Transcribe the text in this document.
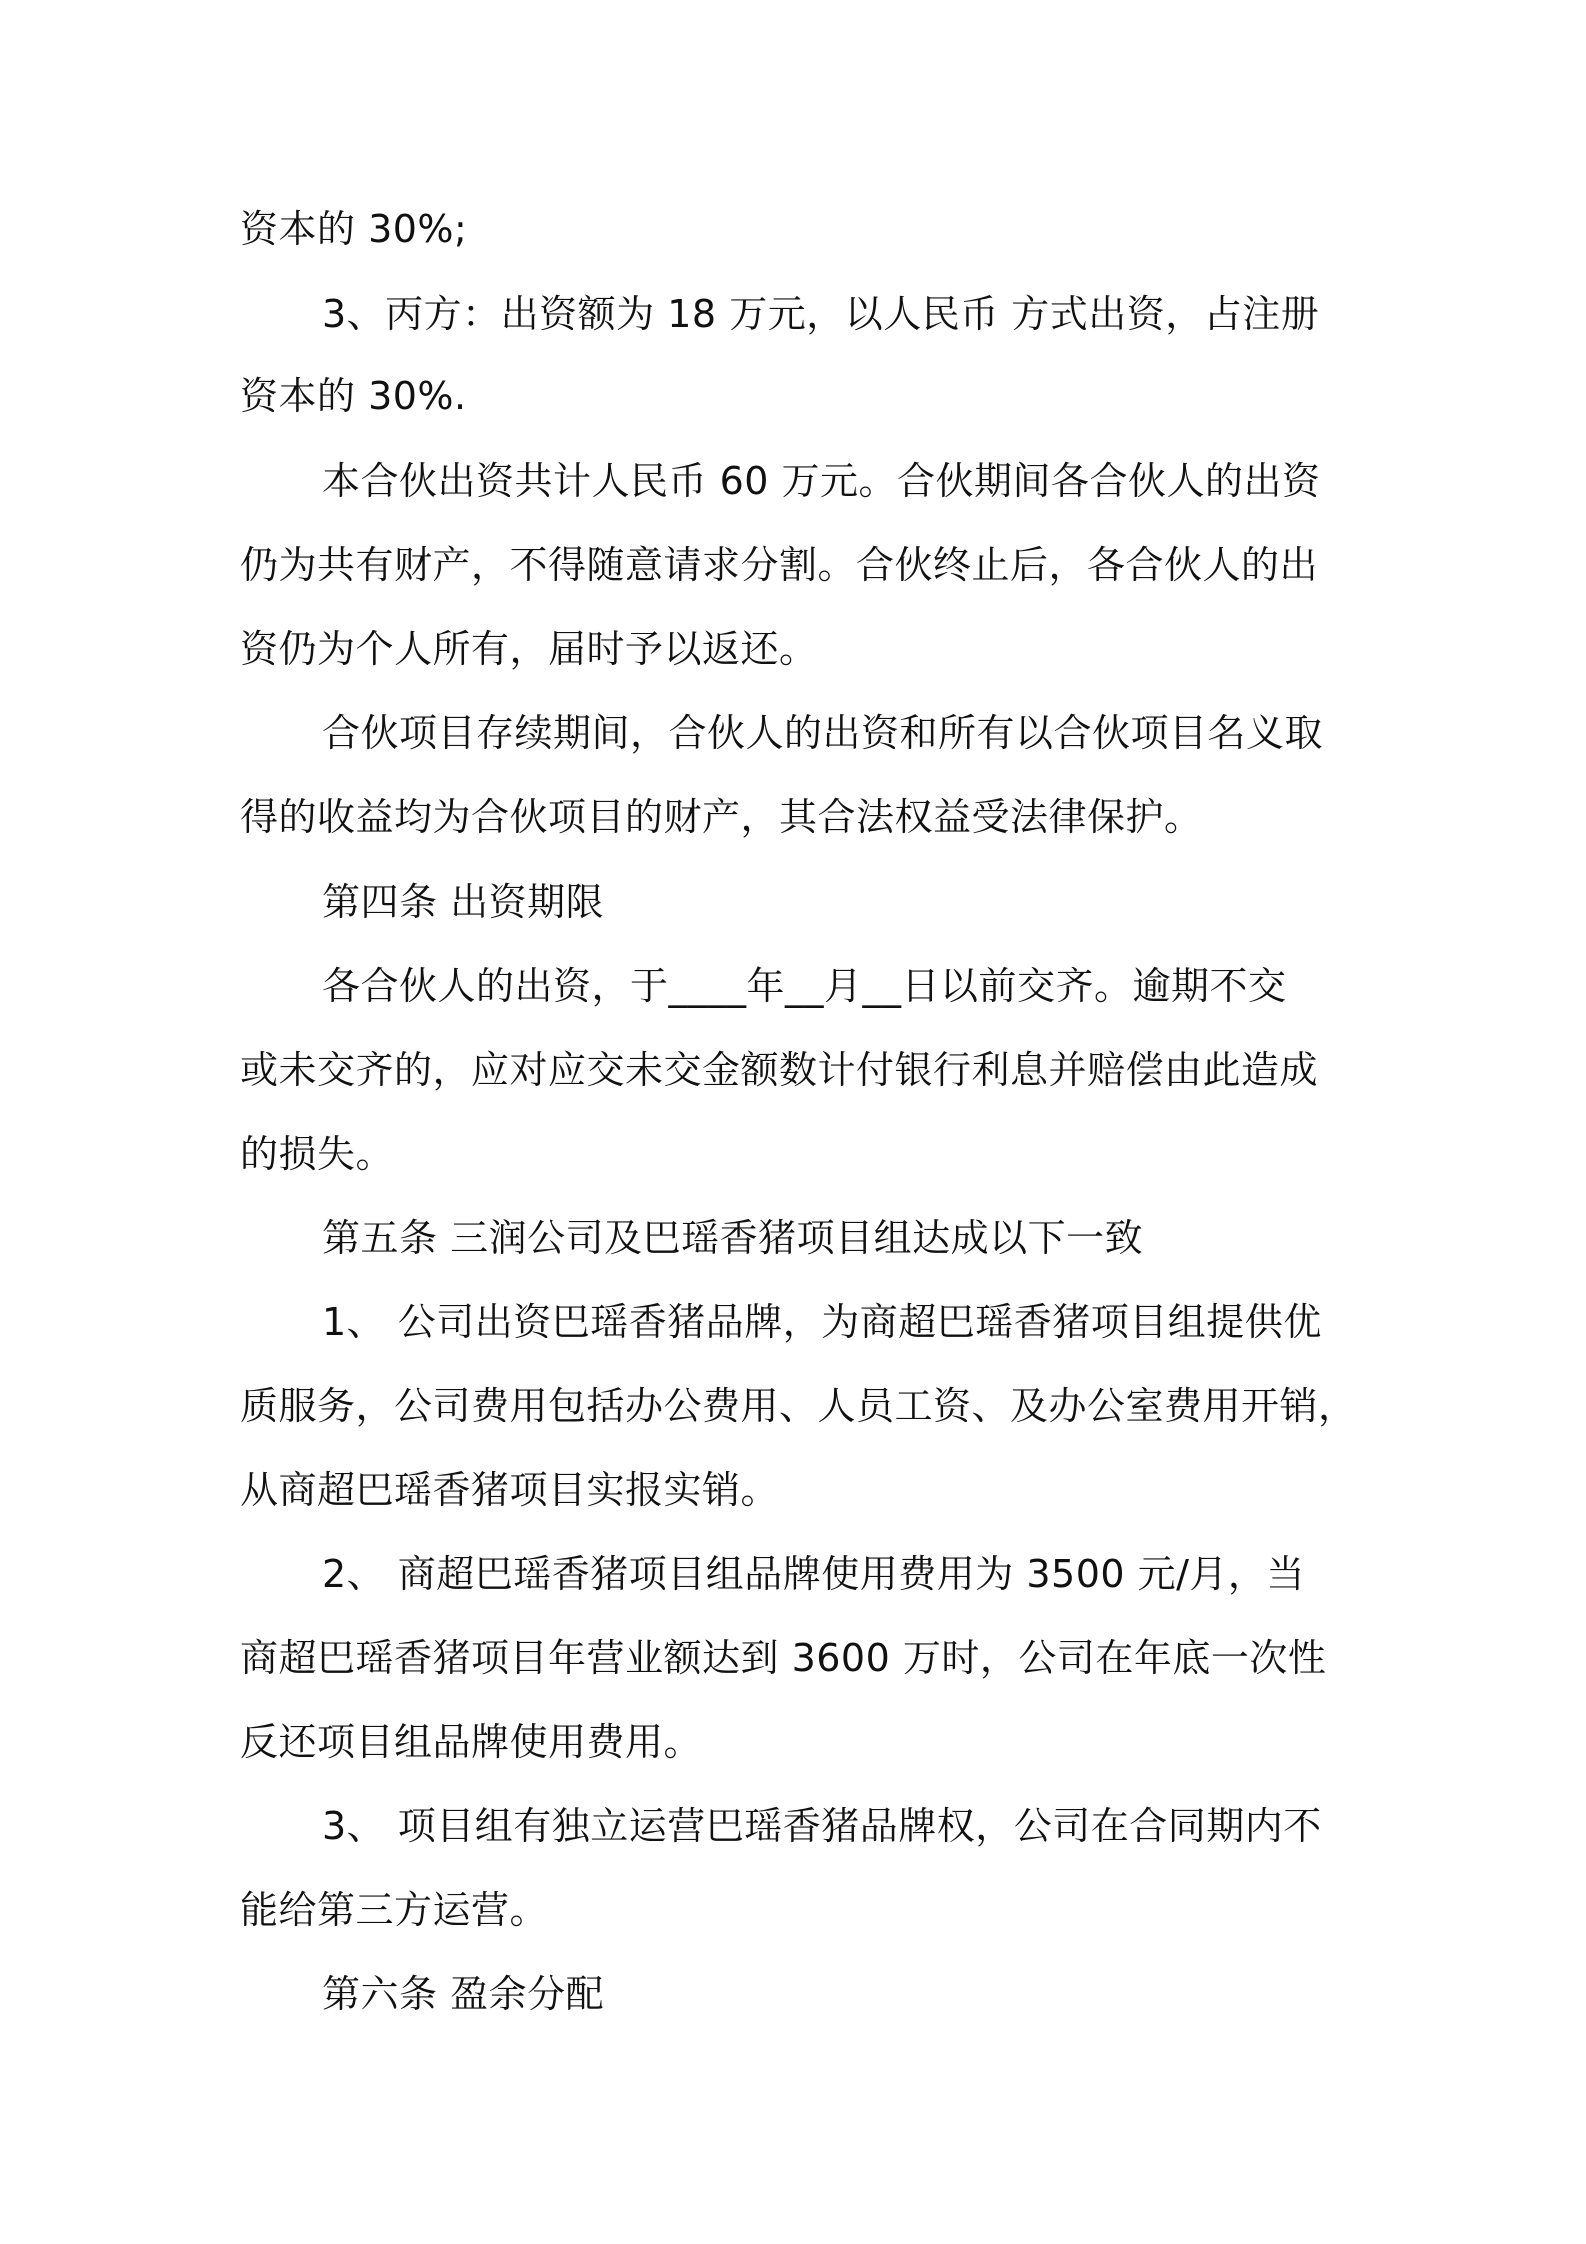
资本的 30%;
3、丙方：出资额为 18 万元，以人民币 方式出资，占注册
资本的 30%.
本合伙出资共计人民币 60 万元。合伙期间各合伙人的出资
仍为共有财产，不得随意请求分割。合伙终止后，各合伙人的出
资仍为个人所有，届时予以返还。
合伙项目存续期间，合伙人的出资和所有以合伙项目名义取
得的收益均为合伙项目的财产，其合法权益受法律保护。
第四条 出资期限
各合伙人的出资，于____年__月__日以前交齐。逾期不交
或未交齐的，应对应交未交金额数计付银行利息并赔偿由此造成
的损失。
第五条 三润公司及巴瑶香猪项目组达成以下一致
1、 公司出资巴瑶香猪品牌，为商超巴瑶香猪项目组提供优
质服务，公司费用包括办公费用、人员工资、及办公室费用开销，
从商超巴瑶香猪项目实报实销。
2、 商超巴瑶香猪项目组品牌使用费用为 3500 元/月，当
商超巴瑶香猪项目年营业额达到 3600 万时，公司在年底一次性
反还项目组品牌使用费用。
3、 项目组有独立运营巴瑶香猪品牌权，公司在合同期内不
能给第三方运营。
第六条 盈余分配
